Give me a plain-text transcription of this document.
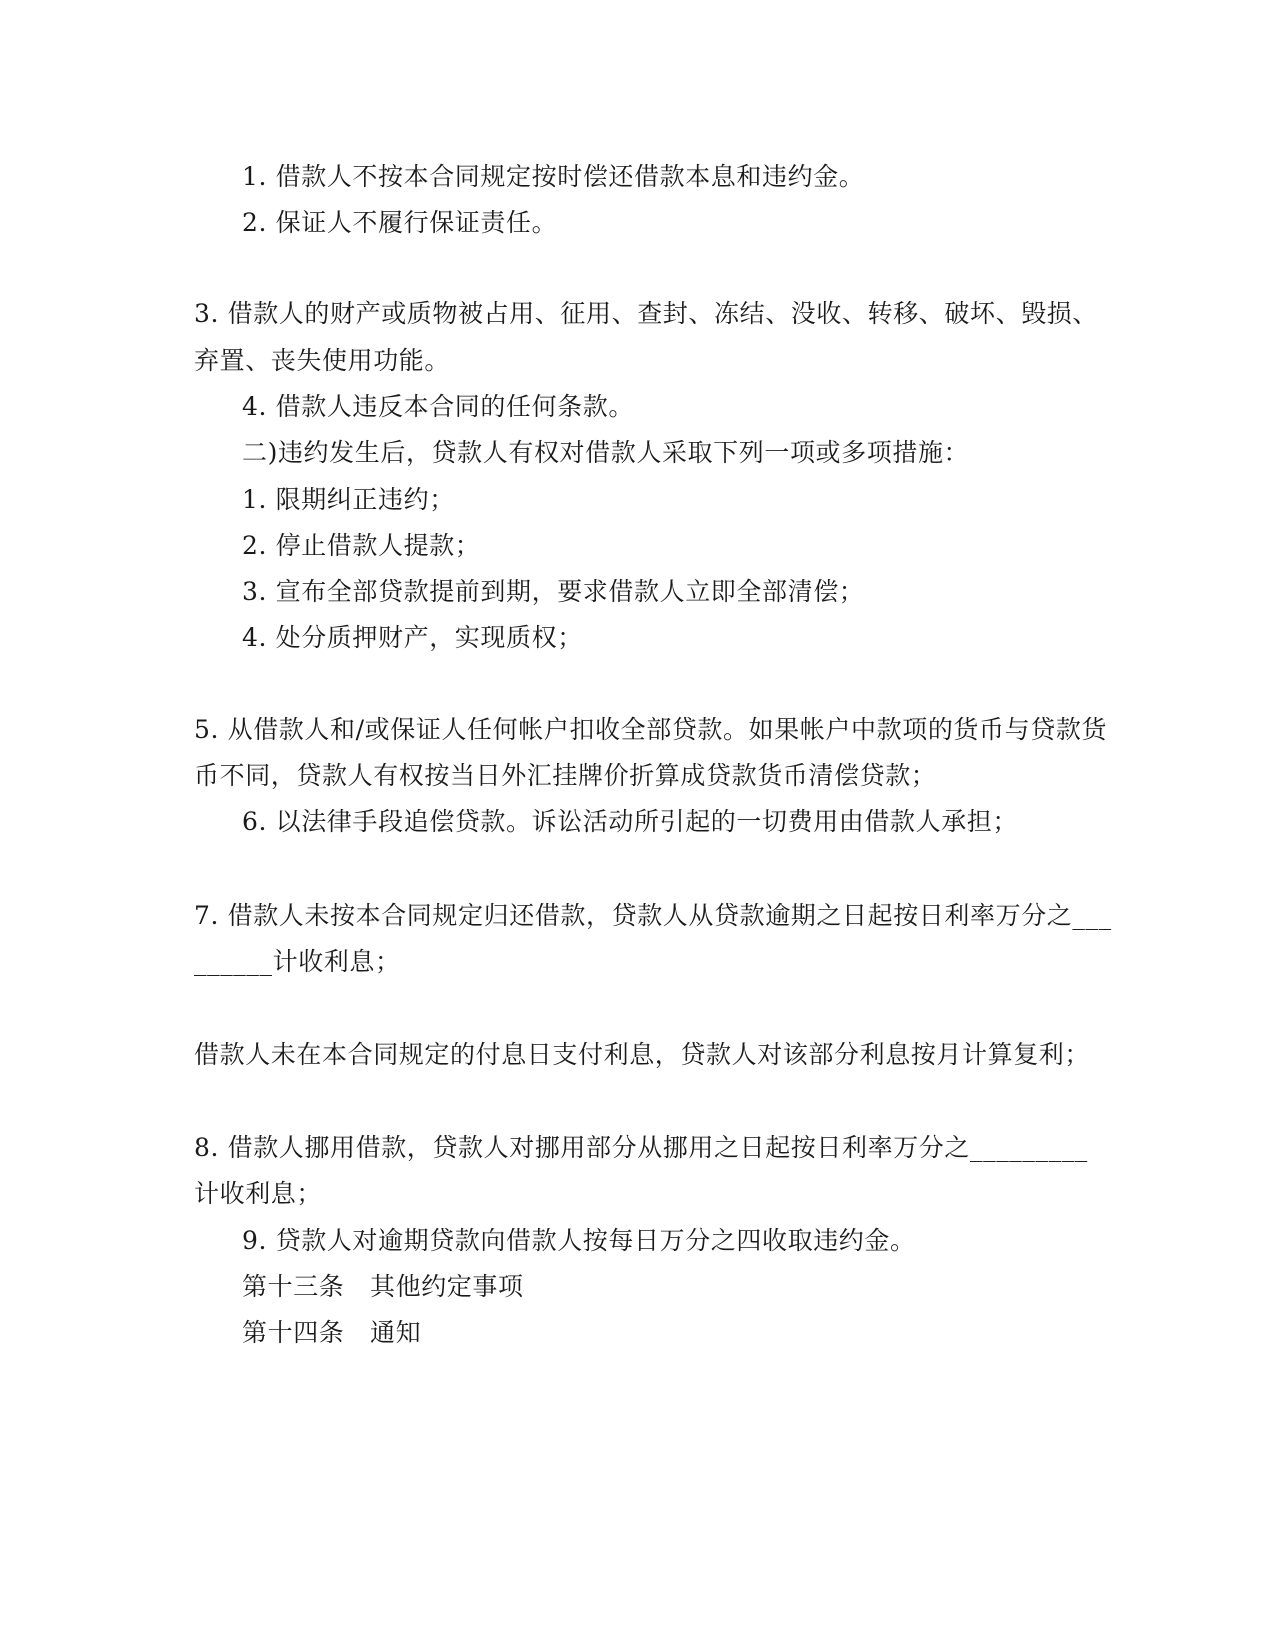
1. 借款人不按本合同规定按时偿还借款本息和违约金。
2. 保证人不履行保证责任。
3. 借款人的财产或质物被占用、征用、查封、冻结、没收、转移、破坏、毁损、
弃置、丧失使用功能。
4. 借款人违反本合同的任何条款。
二)违约发生后，贷款人有权对借款人采取下列一项或多项措施：
1. 限期纠正违约；
2. 停止借款人提款；
3. 宣布全部贷款提前到期，要求借款人立即全部清偿；
4. 处分质押财产，实现质权；
5. 从借款人和/或保证人任何帐户扣收全部贷款。如果帐户中款项的货币与贷款货
币不同，贷款人有权按当日外汇挂牌价折算成贷款货币清偿贷款；
6. 以法律手段追偿贷款。诉讼活动所引起的一切费用由借款人承担；
7. 借款人未按本合同规定归还借款，贷款人从贷款逾期之日起按日利率万分之___
______计收利息；
借款人未在本合同规定的付息日支付利息，贷款人对该部分利息按月计算复利；
8. 借款人挪用借款，贷款人对挪用部分从挪用之日起按日利率万分之_________
计收利息；
9. 贷款人对逾期贷款向借款人按每日万分之四收取违约金。
第十三条　其他约定事项
第十四条　通知
